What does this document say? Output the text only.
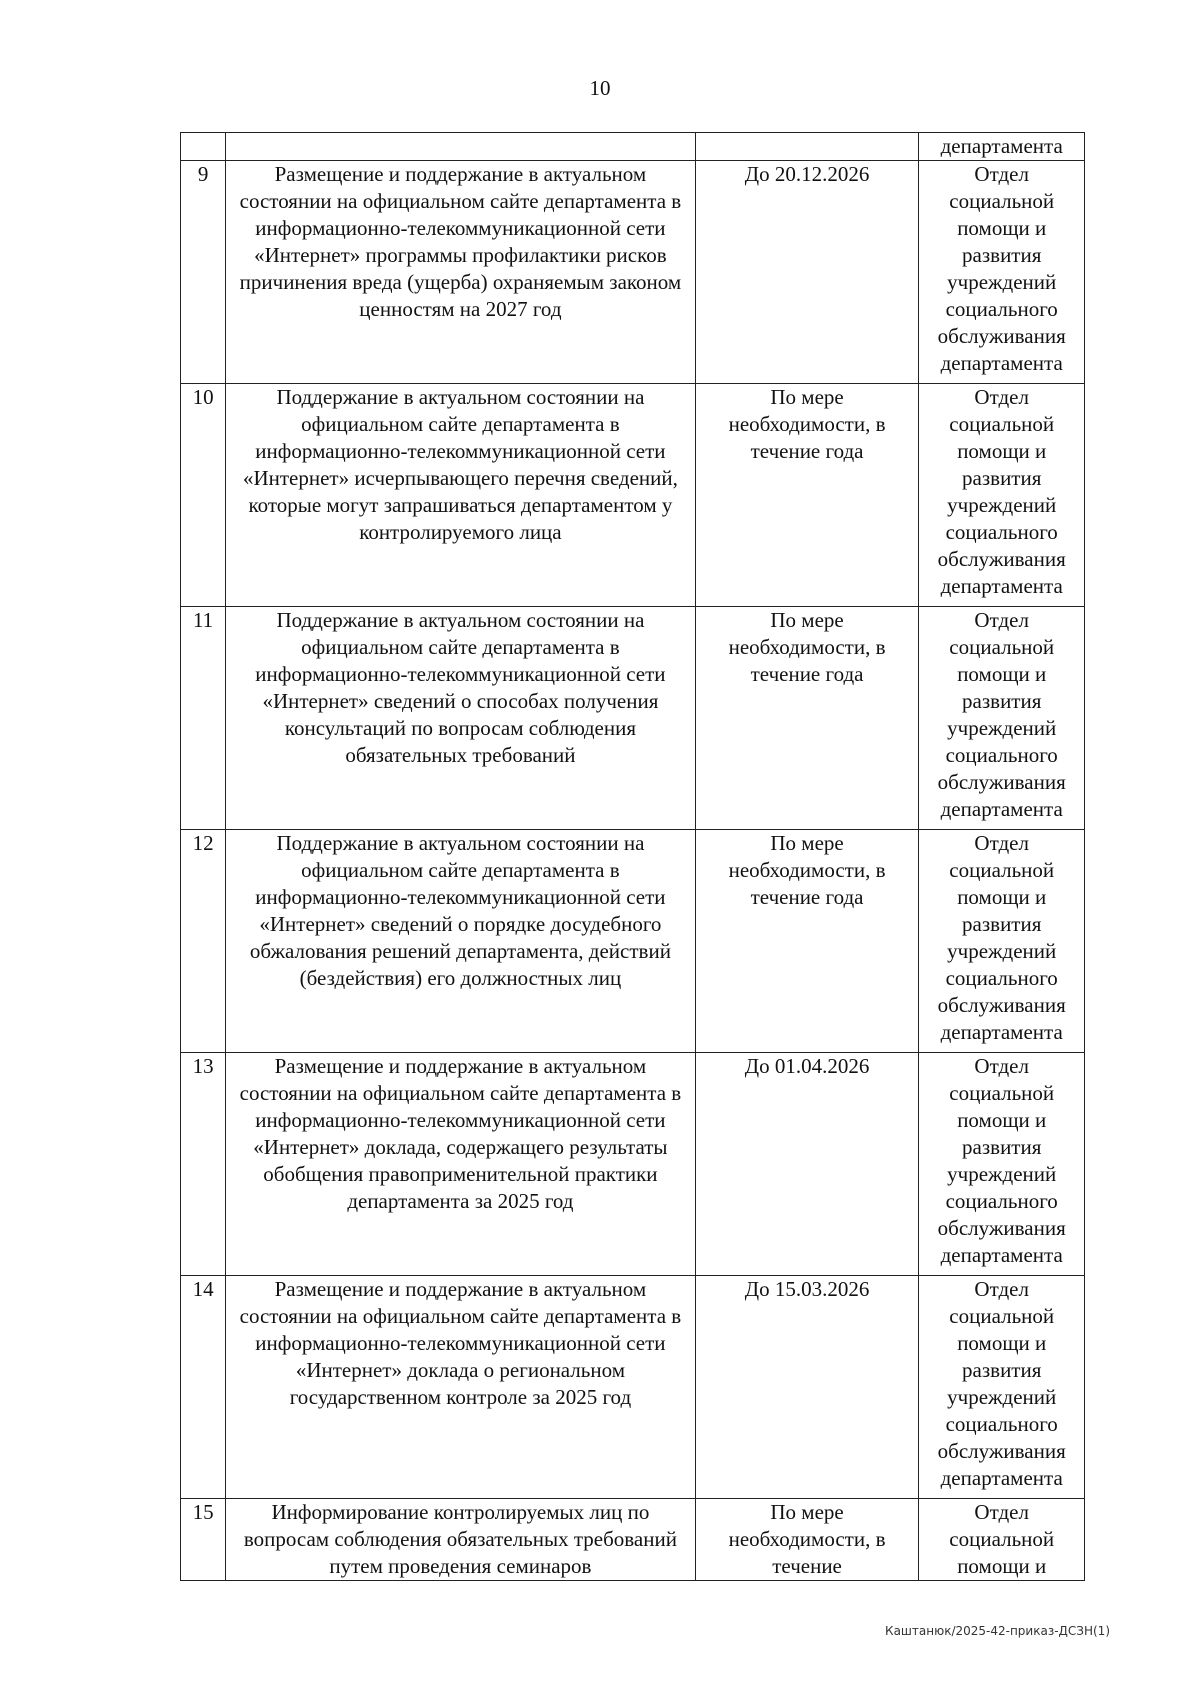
10
			департамента
9	Размещение и поддержание в актуальном состоянии на официальном сайте департамента в информационно-телекоммуникационной сети «Интернет» программы профилактики рисков причинения вреда (ущерба) охраняемым законом ценностям на 2027 год	До 20.12.2026	Отдел социальной помощи и развития учреждений социального обслуживания департамента
10	Поддержание в актуальном состоянии на официальном сайте департамента в информационно-телекоммуникационной сети «Интернет» исчерпывающего перечня сведений, которые могут запрашиваться департаментом у контролируемого лица	По мере необходимости, в течение года	Отдел социальной помощи и развития учреждений социального обслуживания департамента
11	Поддержание в актуальном состоянии на официальном сайте департамента в информационно-телекоммуникационной сети «Интернет» сведений о способах получения консультаций по вопросам соблюдения обязательных требований	По мере необходимости, в течение года	Отдел социальной помощи и развития учреждений социального обслуживания департамента
12	Поддержание в актуальном состоянии на официальном сайте департамента в информационно-телекоммуникационной сети «Интернет» сведений о порядке досудебного обжалования решений департамента, действий (бездействия) его должностных лиц	По мере необходимости, в течение года	Отдел социальной помощи и развития учреждений социального обслуживания департамента
13	Размещение и поддержание в актуальном состоянии на официальном сайте департамента в информационно-телекоммуникационной сети «Интернет» доклада, содержащего результаты обобщения правоприменительной практики департамента за 2025 год	До 01.04.2026	Отдел социальной помощи и развития учреждений социального обслуживания департамента
14	Размещение и поддержание в актуальном состоянии на официальном сайте департамента в информационно-телекоммуникационной сети «Интернет» доклада о региональном государственном контроле за 2025 год	До 15.03.2026	Отдел социальной помощи и развития учреждений социального обслуживания департамента
15	Информирование контролируемых лиц по вопросам соблюдения обязательных требований путем проведения семинаров	По мере необходимости, в течение	Отдел социальной помощи и
Каштанюк/2025-42-приказ-ДСЗН(1)
